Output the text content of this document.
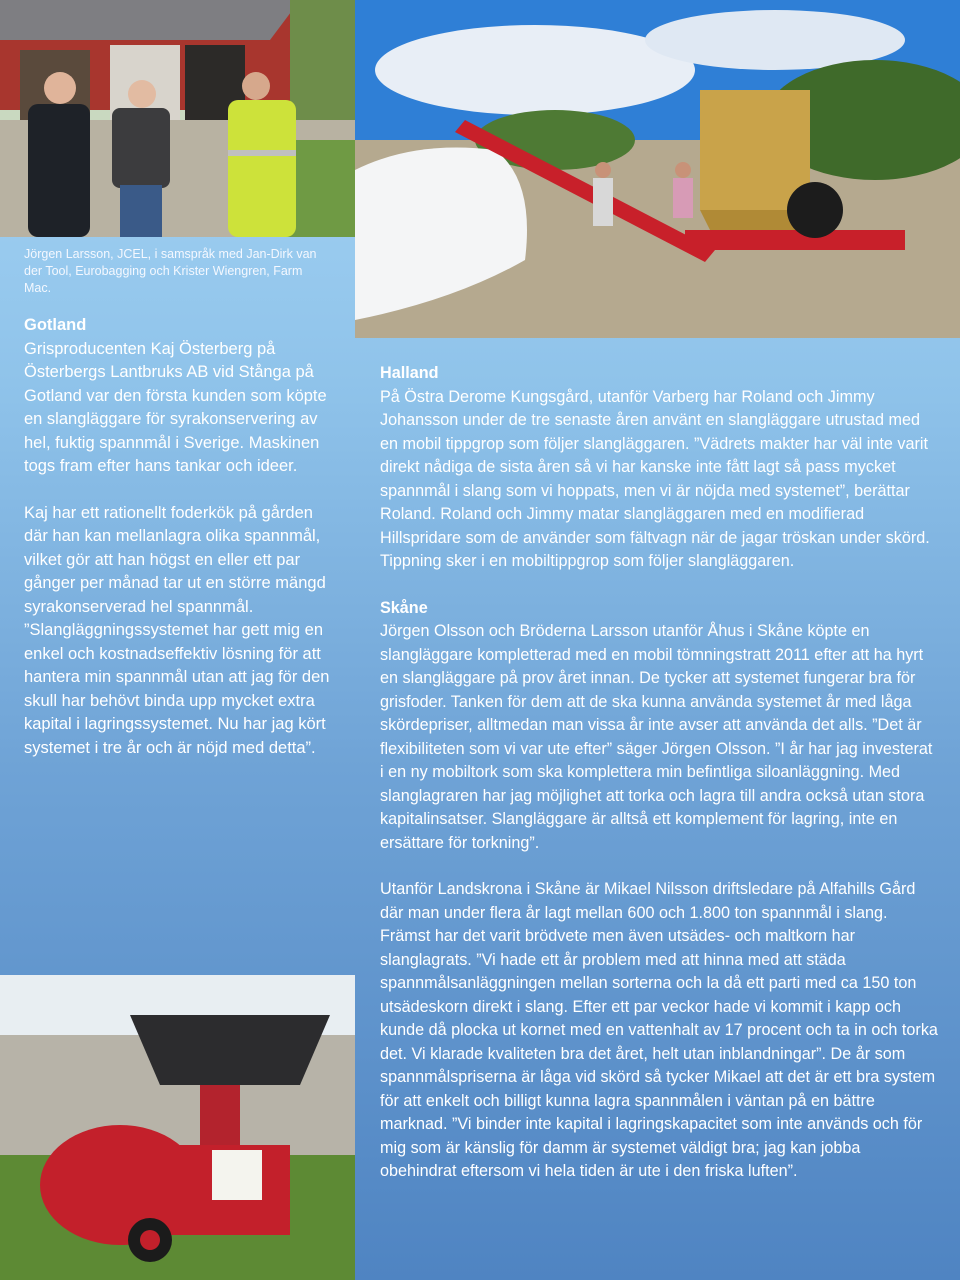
Jörgen Larsson, JCEL, i samspråk med Jan-Dirk van der Tool, Eurobagging och Krister Wiengren, Farm Mac.

Gotland

Grisproducenten Kaj Österberg på Österbergs Lantbruks AB vid Stånga på Gotland var den första kunden som köpte en slangläggare för syrakonservering av hel, fuktig spannmål i Sverige. Maskinen togs fram efter hans tankar och ideer.

Kaj har ett rationellt foderkök på gården där han kan mellanlagra olika spannmål, vilket gör att han högst en eller ett par gånger per månad tar ut en större mängd syrakonserverad hel spannmål. ”Slangläggningssystemet har gett mig en enkel och kostnadseffektiv lösning för att hantera min spannmål utan att jag för den skull har behövt binda upp mycket extra kapital i lagringssystemet. Nu har jag kört systemet i tre år och är nöjd med detta”.

Halland

På Östra Derome Kungsgård, utanför Varberg har Roland och Jimmy Johansson under de tre senaste åren använt en slangläggare utrustad med en mobil tippgrop som följer slangläggaren. ”Vädrets makter har väl inte varit direkt nådiga de sista åren så vi har kanske inte fått lagt så pass mycket spannmål i slang som vi hoppats, men vi är nöjda med systemet”, berättar Roland. Roland och Jimmy matar slangläggaren med en modifierad Hillspridare som de använder som fältvagn när de jagar tröskan under skörd. Tippning sker i en mobiltippgrop som följer slangläggaren.

Skåne

Jörgen Olsson och Bröderna Larsson utanför Åhus i Skåne köpte en slangläggare kompletterad med en mobil tömningstratt 2011 efter att ha hyrt en slangläggare på prov året innan. De tycker att systemet fungerar bra för grisfoder. Tanken för dem att de ska kunna använda systemet år med låga skördepriser, alltmedan man vissa år inte avser att använda det alls. ”Det är flexibiliteten som vi var ute efter” säger Jörgen Olsson. ”I år har jag investerat i en ny mobiltork som ska komplettera min befintliga siloanläggning. Med slanglagraren har jag möjlighet att torka och lagra till andra också utan stora kapitalinsatser. Slangläggare är alltså ett komplement för lagring, inte en ersättare för torkning”.

Utanför Landskrona i Skåne är Mikael Nilsson driftsledare på Alfahills Gård där man under flera år lagt mellan 600 och 1.800 ton spannmål i slang. Främst har det varit brödvete men även utsädes- och maltkorn har slanglagrats. ”Vi hade ett år problem med att hinna med att städa spannmålsanläggningen mellan sorterna och la då ett parti med ca 150 ton utsädeskorn direkt i slang. Efter ett par veckor hade vi kommit i kapp och kunde då plocka ut kornet med en vattenhalt av 17 procent och ta in och torka det. Vi klarade kvaliteten bra det året, helt utan inblandningar”. De år som spannmålspriserna är låga vid skörd så tycker Mikael att det är ett bra system för att enkelt och billigt kunna lagra spannmålen i väntan på en bättre marknad. ”Vi binder inte kapital i lagringskapacitet som inte används och för mig som är känslig för damm är systemet väldigt bra; jag kan jobba obehindrat eftersom vi hela tiden är ute i den friska luften”.
